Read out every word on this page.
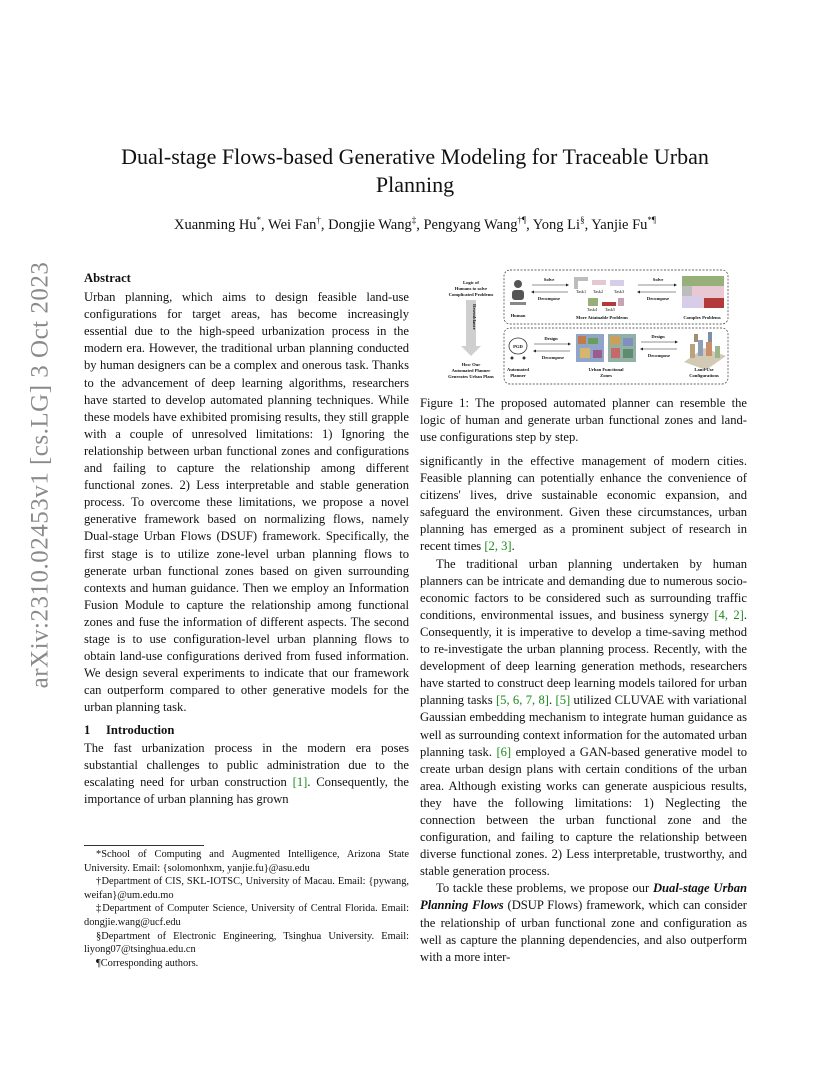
arXiv:2310.02453v1 [cs.LG] 3 Oct 2023
Dual-stage Flows-based Generative Modeling for Traceable Urban Planning
Xuanming Hu*, Wei Fan†, Dongjie Wang‡, Pengyang Wang†¶, Yong Li§, Yanjie Fu*¶
Abstract

Urban planning, which aims to design feasible land-use configurations for target areas, has become increasingly essential due to the high-speed urbanization process in the modern era. However, the traditional urban planning conducted by human designers can be a complex and onerous task. Thanks to the advancement of deep learning algorithms, researchers have started to develop automated planning techniques. While these models have exhibited promising results, they still grapple with a couple of unresolved limitations: 1) Ignoring the relationship between urban functional zones and configurations and failing to capture the relationship among different functional zones. 2) Less interpretable and stable generation process. To overcome these limitations, we propose a novel generative framework based on normalizing flows, namely Dual-stage Urban Flows (DSUF) framework. Specifically, the first stage is to utilize zone-level urban planning flows to generate urban functional zones based on given surrounding contexts and human guidance. Then we employ an Information Fusion Module to capture the relationship among functional zones and fuse the information of different aspects. The second stage is to use configuration-level urban planning flows to obtain land-use configurations derived from fused information. We design several experiments to indicate that our framework can outperform compared to other generative models for the urban planning task.

1 Introduction

The fast urbanization process in the modern era poses substantial challenges to public administration due to the escalating need for urban construction [1]. Consequently, the importance of urban planning has grown

*School of Computing and Augmented Intelligence, Arizona State University. Email: {solomonhxm, yanjie.fu}@asu.edu

†Department of CIS, SKL-IOTSC, University of Macau. Email: {pywang, weifan}@um.edu.mo

‡Department of Computer Science, University of Central Florida. Email: dongjie.wang@ucf.edu

§Department of Electronic Engineering, Tsinghua University. Email: liyong07@tsinghua.edu.cn

¶Corresponding authors.

Logic of
Humans to solve
Complicated Problems
Resemblance
How Our
Automated Planner
Generates Urban Plans
Human
Solve
Decompose
Task1 Task2	Task3
Task4 Task5
More Attainable Problems
Solve
Decompose
Complex Problems
PGD
Automated
Planner
Design
Decompose
Urban Functional
Zones
Design
Decompose
Land-Use
Configurations
Figure 1: The proposed automated planner can resemble the logic of human and generate urban functional zones and land-use configurations step by step.

significantly in the effective management of modern cities. Feasible planning can potentially enhance the convenience of citizens' lives, drive sustainable economic expansion, and safeguard the environment. Given these circumstances, urban planning has emerged as a prominent subject of research in recent times [2, 3].

The traditional urban planning undertaken by human planners can be intricate and demanding due to numerous socio-economic factors to be considered such as surrounding traffic conditions, environmental issues, and business synergy [4, 2]. Consequently, it is imperative to develop a time-saving method to re-investigate the urban planning process. Recently, with the development of deep learning generation methods, researchers have started to construct deep learning models tailored for urban planning tasks [5, 6, 7, 8]. [5] utilized CLUVAE with variational Gaussian embedding mechanism to integrate human guidance as well as surrounding context information for the automated urban planning task. [6] employed a GAN-based generative model to create urban design plans with certain conditions of the urban area. Although existing works can generate auspicious results, they have the following limitations: 1) Neglecting the connection between the urban functional zone and the configuration, and failing to capture the relationship between diverse functional zones. 2) Less interpretable, trustworthy, and stable generation process.

To tackle these problems, we propose our Dual-stage Urban Planning Flows (DSUP Flows) framework, which can consider the relationship of urban functional zone and configuration as well as capture the planning dependencies, and also outperform with a more inter-
